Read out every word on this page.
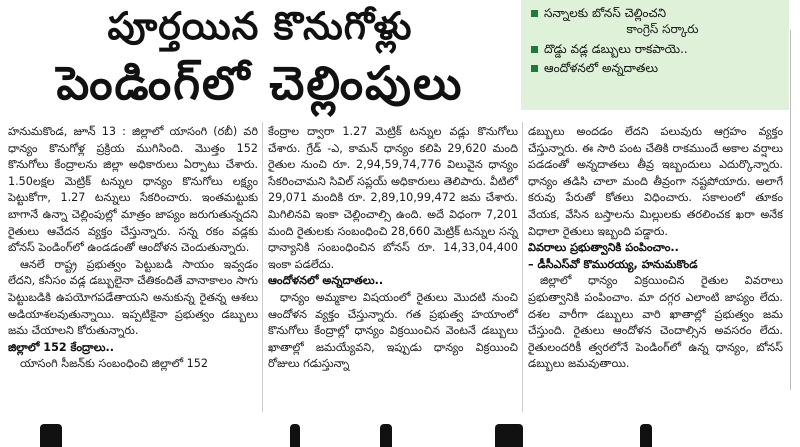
పూర్తయిన కొనుగోళ్లు
పెండింగ్‌లో చెల్లింపులు
సన్నాలకు బోనస్ చెల్లించని
కాంగ్రెస్ సర్కారు
దొడ్డు వడ్ల డబ్బులు రాకపాయె..
ఆందోళనలో అన్నదాతలు

హనుమకొండ, జూన్ 13 : జిల్లాలో యాసంగి (రబీ) వరి ధాన్యం కొనుగోళ్ల ప్రక్రియ ముగిసింది. మొత్తం 152 కొనుగోలు కేంద్రాలను జిల్లా అధికారులు ఏర్పాటు చేశారు. 1.50లక్షల మెట్రిక్ టన్నుల ధాన్యం కొనుగోలు లక్ష్యం పెట్టుకోగా, 1.27 టన్నులు సేకరించారు. ఇంతమట్టుకు బాగానే ఉన్నా చెల్లింపుల్లో మాత్రం జాప్యం జరుగుతున్నదని రైతులు ఆవేదన వ్యక్తం చేస్తున్నారు. సన్న రకం వడ్లకు బోనస్ పెండింగ్‌లో ఉండడంతో ఆందోళన చెందుతున్నారు.

ఆనలే రాష్ట్ర ప్రభుత్వం పెట్టుబడి సాయం ఇవ్వడం లేదని, కనీసం వడ్ల డబ్బులైనా చేతికందితే వానాకాలం సాగు పెట్టుబడికి ఉపయోగపడేతాయని అనుకున్న రైతన్న ఆశలు అడియాశలవుతున్నాయి. ఇప్పటికైనా ప్రభుత్వం డబ్బులు జమ చేయాలని కోరుతున్నారు.

జిల్లాలో 152 కేంద్రాలు..

యాసంగి సీజన్‌కు సంబంధించి జిల్లాలో 152

కేంద్రాల ద్వారా 1.27 మెట్రిక్ టన్నుల వడ్లు కొనుగోలు చేశారు. గ్రేడ్ -ఎ, కామన్ ధాన్యం కలిపి 29,620 మంది రైతుల నుంచి రూ. 2,94,59,74,776 విలువైన ధాన్యం సేకరించామని సివిల్ సప్లయ్ అధికారులు తెలిపారు. వీటిలో 29,071 మందికి రూ. 2,89,10,99,472 జమ చేశారు. మిగిలినవి ఇంకా చెల్లించాల్సి ఉంది. అదే విధంగా 7,201 మంది రైతులకు సంబంధించి 28,660 మెట్రిక్ టన్నుల సన్న ధాన్యానికి సంబంధించిన బోనస్ రూ. 14,33,04,400 ఇంకా పడలేదు.

ఆందోళనలో అన్నదాతలు..

ధాన్యం అమ్మకాల విషయంలో రైతులు మొదటి నుంచి ఆందోళన వ్యక్తం చేస్తున్నారు. గత ప్రభుత్వ హయాంలో కొనుగోలు కేంద్రాల్లో ధాన్యం విక్రయించిన వెంటనే డబ్బులు ఖాతాల్లో జమయ్యేవని, ఇప్పుడు ధాన్యం విక్రయించి రోజులు గడుస్తున్నా

డబ్బులు అందడం లేదని పలువురు ఆగ్రహం వ్యక్తం చేస్తున్నారు. ఈ సారి పంట చేతికి రాకముందే అకాల వర్షాలు పడడంతో అన్నదాతలు తీవ్ర ఇబ్బందులు ఎదుర్కొన్నారు. ధాన్యం తడిసి చాలా మంది తీవ్రంగా నష్టపోయారు. అలాగే కరువు పేరుతో కోతలు విధించారు. సకాలంలో తూకం వేయక, వేసిన బస్తాలను మిల్లులకు తరలించక ఖరా అనేక విధాలా రైతులు ఇబ్బంది పడ్డారు.

వివరాలు ప్రభుత్వానికి పంపించాం..

– డీసీఎస్‌వో కొమురయ్య, హనుమకొండ

జిల్లాలో ధాన్యం విక్రయించిన రైతుల వివరాలు ప్రభుత్వానికి పంపించాం. మా దగ్గర ఎలాంటి జాప్యం లేదు. దశల వారీగా డబ్బులు వారి ఖాతాల్లో ప్రభుత్వం జమ చేస్తుంది. రైతులు ఆందోళన చెందాల్సిన అవసరం లేదు. రైతులందరికీ త్వరలోనే పెండింగ్‌లో ఉన్న ధాన్యం, బోనస్ డబ్బులు జమవుతాయి.
